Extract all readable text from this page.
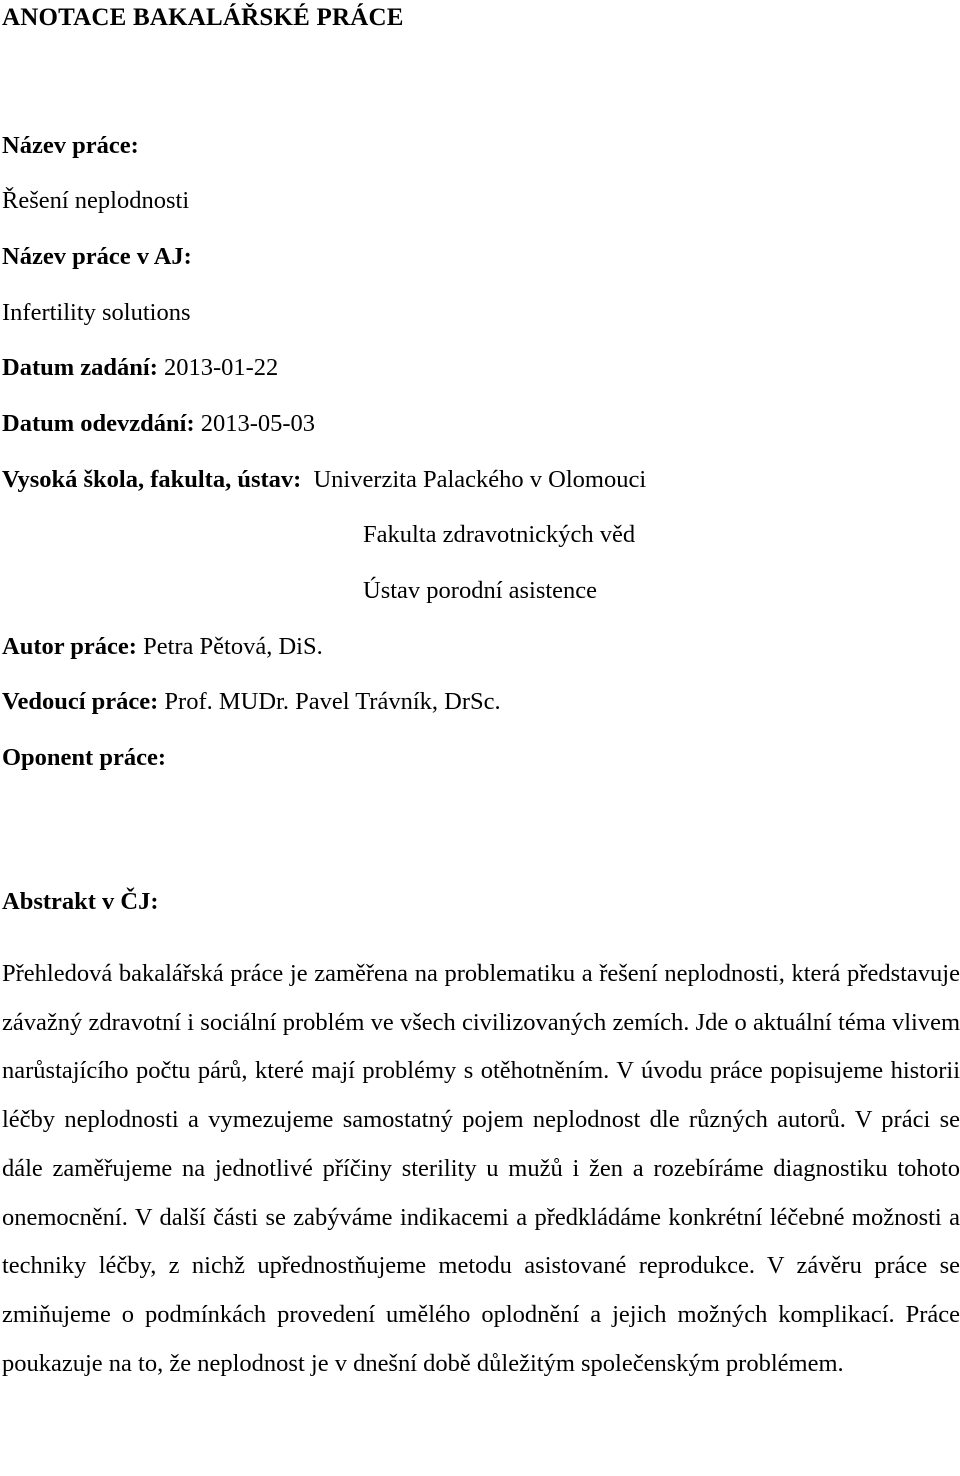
ANOTACE BAKALÁŘSKÉ PRÁCE
Název práce:
Řešení neplodnosti
Název práce v AJ:
Infertility solutions
Datum zadání: 2013-01-22
Datum odevzdání: 2013-05-03
Vysoká škola, fakulta, ústav: Univerzita Palackého v Olomouci
Fakulta zdravotnických věd
Ústav porodní asistence
Autor práce: Petra Pětová, DiS.
Vedoucí práce: Prof. MUDr. Pavel Trávník, DrSc.
Oponent práce:
Abstrakt v ČJ:

Přehledová bakalářská práce je zaměřena na problematiku a řešení neplodnosti, která představuje závažný zdravotní i sociální problém ve všech civilizovaných zemích. Jde o aktuální téma vlivem narůstajícího počtu párů, které mají problémy s otěhotněním. V úvodu práce popisujeme historii léčby neplodnosti a vymezujeme samostatný pojem neplodnost dle různých autorů. V práci se dále zaměřujeme na jednotlivé příčiny sterility u mužů i žen a rozebíráme diagnostiku tohoto onemocnění. V další části se zabýváme indikacemi a předkládáme konkrétní léčebné možnosti a techniky léčby, z nichž upřednostňujeme metodu asistované reprodukce. V závěru práce se zmiňujeme o podmínkách provedení umělého oplodnění a jejich možných komplikací. Práce poukazuje na to, že neplodnost je v dnešní době důležitým společenským problémem.
